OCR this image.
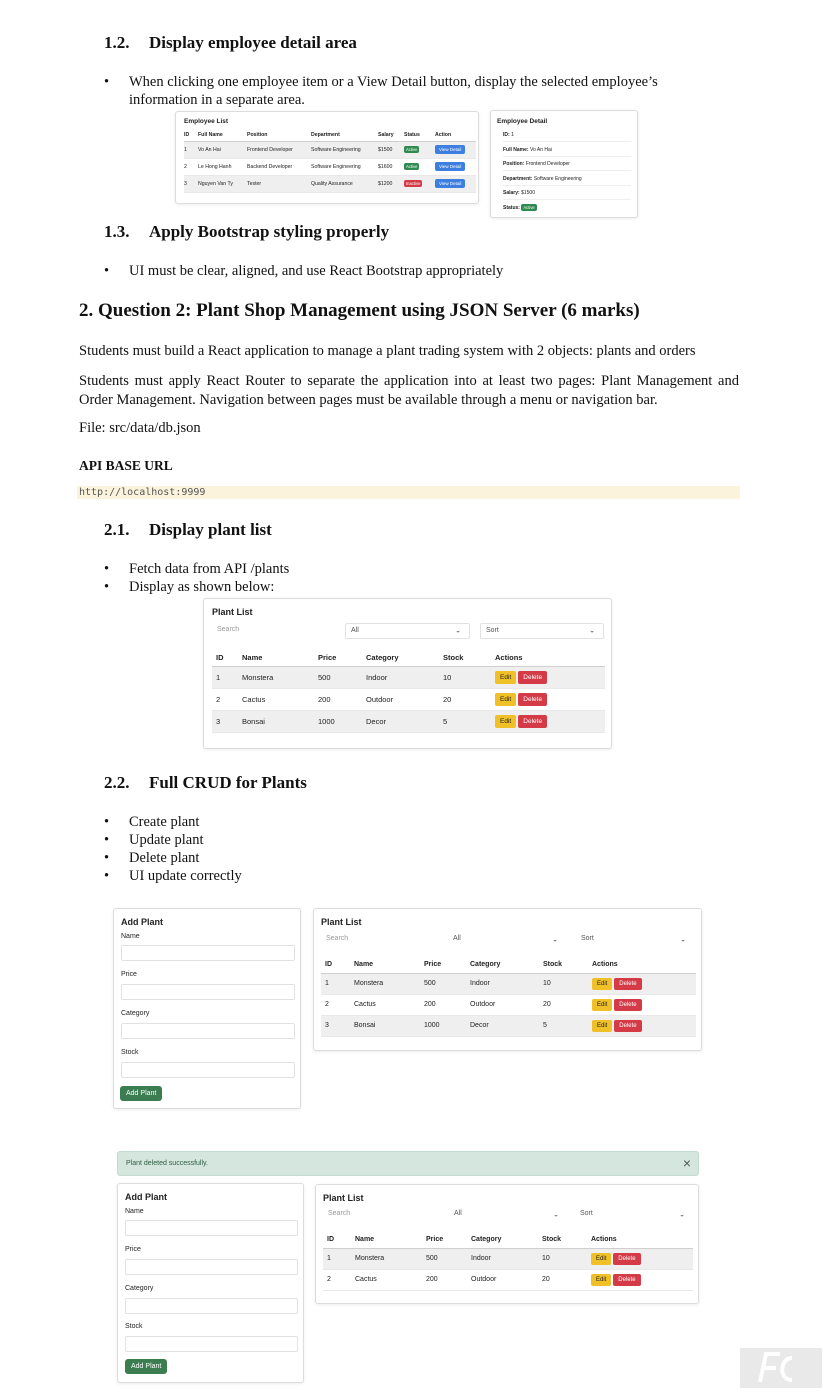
1.2. Display employee detail area
• When clicking one employee item or a View Detail button, display the selected employee’s information in a separate area.
Employee List
ID	Full Name	Position	Department	Salary	Status	Action
1	Vo An Hai	Frontend Developer	Software Engineering	$1500	Active	View Detail
2	Le Hong Hanh	Backend Developer	Software Engineering	$1600	Active	View Detail
3	Nguyen Van Ty	Tester	Quality Assurance	$1200	Inactive	View Detail
Employee Detail
ID: 1
Full Name: Vo An Hai
Position: Frontend Developer
Department: Software Engineering
Salary: $1500
Status: Active
1.3. Apply Bootstrap styling properly
• UI must be clear, aligned, and use React Bootstrap appropriately
2. Question 2: Plant Shop Management using JSON Server (6 marks)
Students must build a React application to manage a plant trading system with 2 objects: plants and orders
Students must apply React Router to separate the application into at least two pages: Plant Management and Order Management. Navigation between pages must be available through a menu or navigation bar.
File: src/data/db.json
API BASE URL
http://localhost:9999
2.1. Display plant list
• Fetch data from API /plants
• Display as shown below:
Plant List
Search	All	⌄	Sort	⌄
ID	Name	Price	Category	Stock	Actions
1	Monstera	500	Indoor	10	Edit Delete
2	Cactus	200	Outdoor	20	Edit Delete
3	Bonsai	1000	Decor	5	Edit Delete
2.2. Full CRUD for Plants
• Create plant
• Update plant
• Delete plant
• UI update correctly
Add Plant
Name
Price
Category
Stock
Add Plant
Plant List
Search	All	⌄	Sort	⌄
ID	Name	Price	Category	Stock	Actions
1	Monstera	500	Indoor	10	Edit Delete
2	Cactus	200	Outdoor	20	Edit Delete
3	Bonsai	1000	Decor	5	Edit Delete
Plant deleted successfully.	×
Add Plant
Name
Price
Category
Stock
Add Plant
Plant List
Search	All	⌄	Sort	⌄
ID	Name	Price	Category	Stock	Actions
1	Monstera	500	Indoor	10	Edit Delete
2	Cactus	200	Outdoor	20	Edit Delete
